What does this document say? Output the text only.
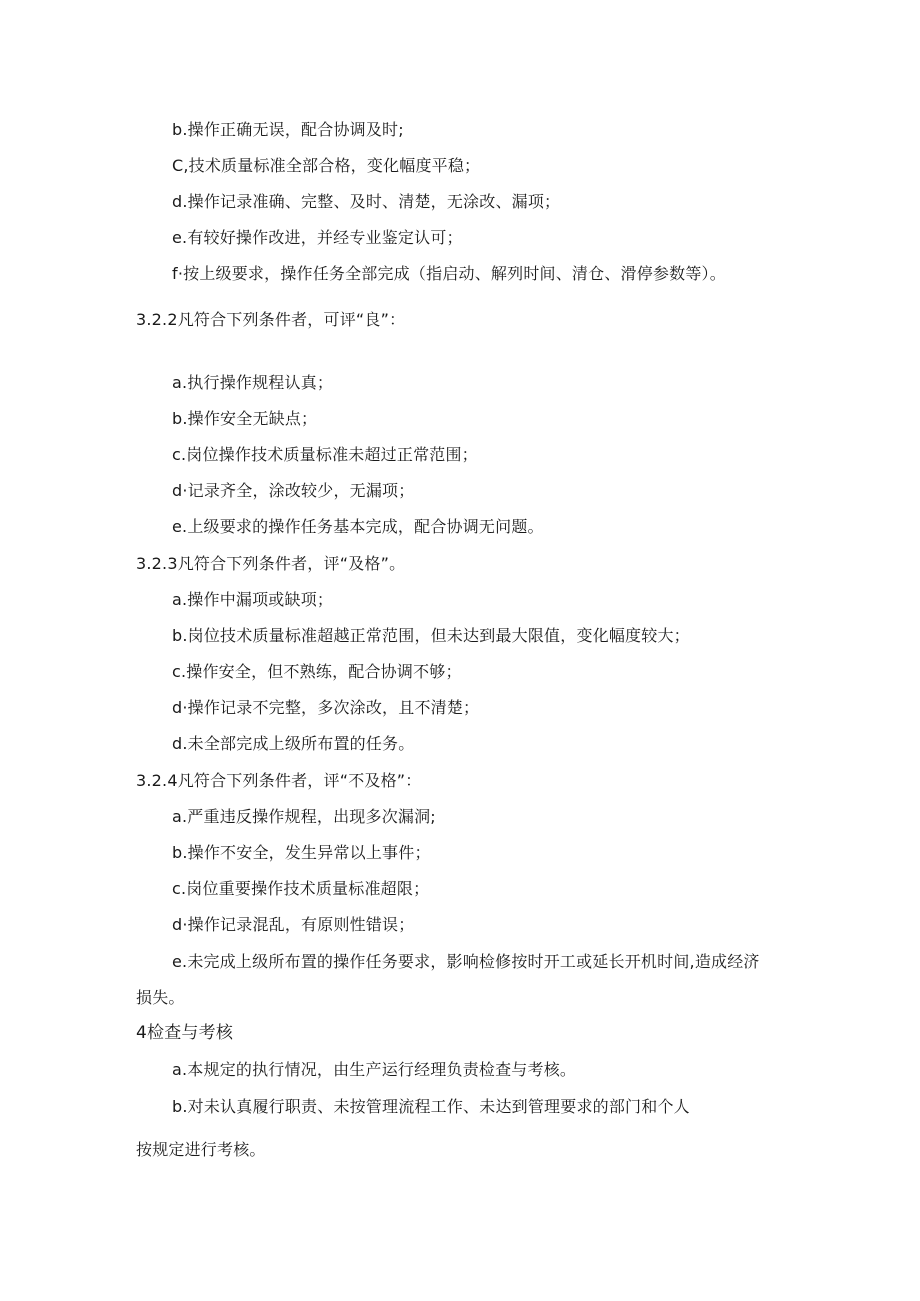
b.操作正确无误，配合协调及时;
C,技术质量标准全部合格，变化幅度平稳；
d.操作记录准确、完整、及时、清楚，无涂改、漏项；
e.有较好操作改进，并经专业鉴定认可；
f·按上级要求，操作任务全部完成（指启动、解列时间、清仓、滑停参数等）。
3.2.2凡符合下列条件者，可评“良”：
a.执行操作规程认真；
b.操作安全无缺点；
c.岗位操作技术质量标准未超过正常范围；
d·记录齐全，涂改较少，无漏项；
e.上级要求的操作任务基本完成，配合协调无问题。
3.2.3凡符合下列条件者，评“及格”。
a.操作中漏项或缺项；
b.岗位技术质量标准超越正常范围，但未达到最大限值，变化幅度较大；
c.操作安全，但不熟练，配合协调不够；
d·操作记录不完整，多次涂改，且不清楚；
d.未全部完成上级所布置的任务。
3.2.4凡符合下列条件者，评“不及格”：
a.严重违反操作规程，出现多次漏洞;
b.操作不安全，发生异常以上事件；
c.岗位重要操作技术质量标准超限；
d·操作记录混乱，有原则性错误；
e.未完成上级所布置的操作任务要求，影响检修按时开工或延长开机时间,造成经济
损失。
4检查与考核
a.本规定的执行情况，由生产运行经理负责检查与考核。
b.对未认真履行职责、未按管理流程工作、未达到管理要求的部门和个人
按规定进行考核。
